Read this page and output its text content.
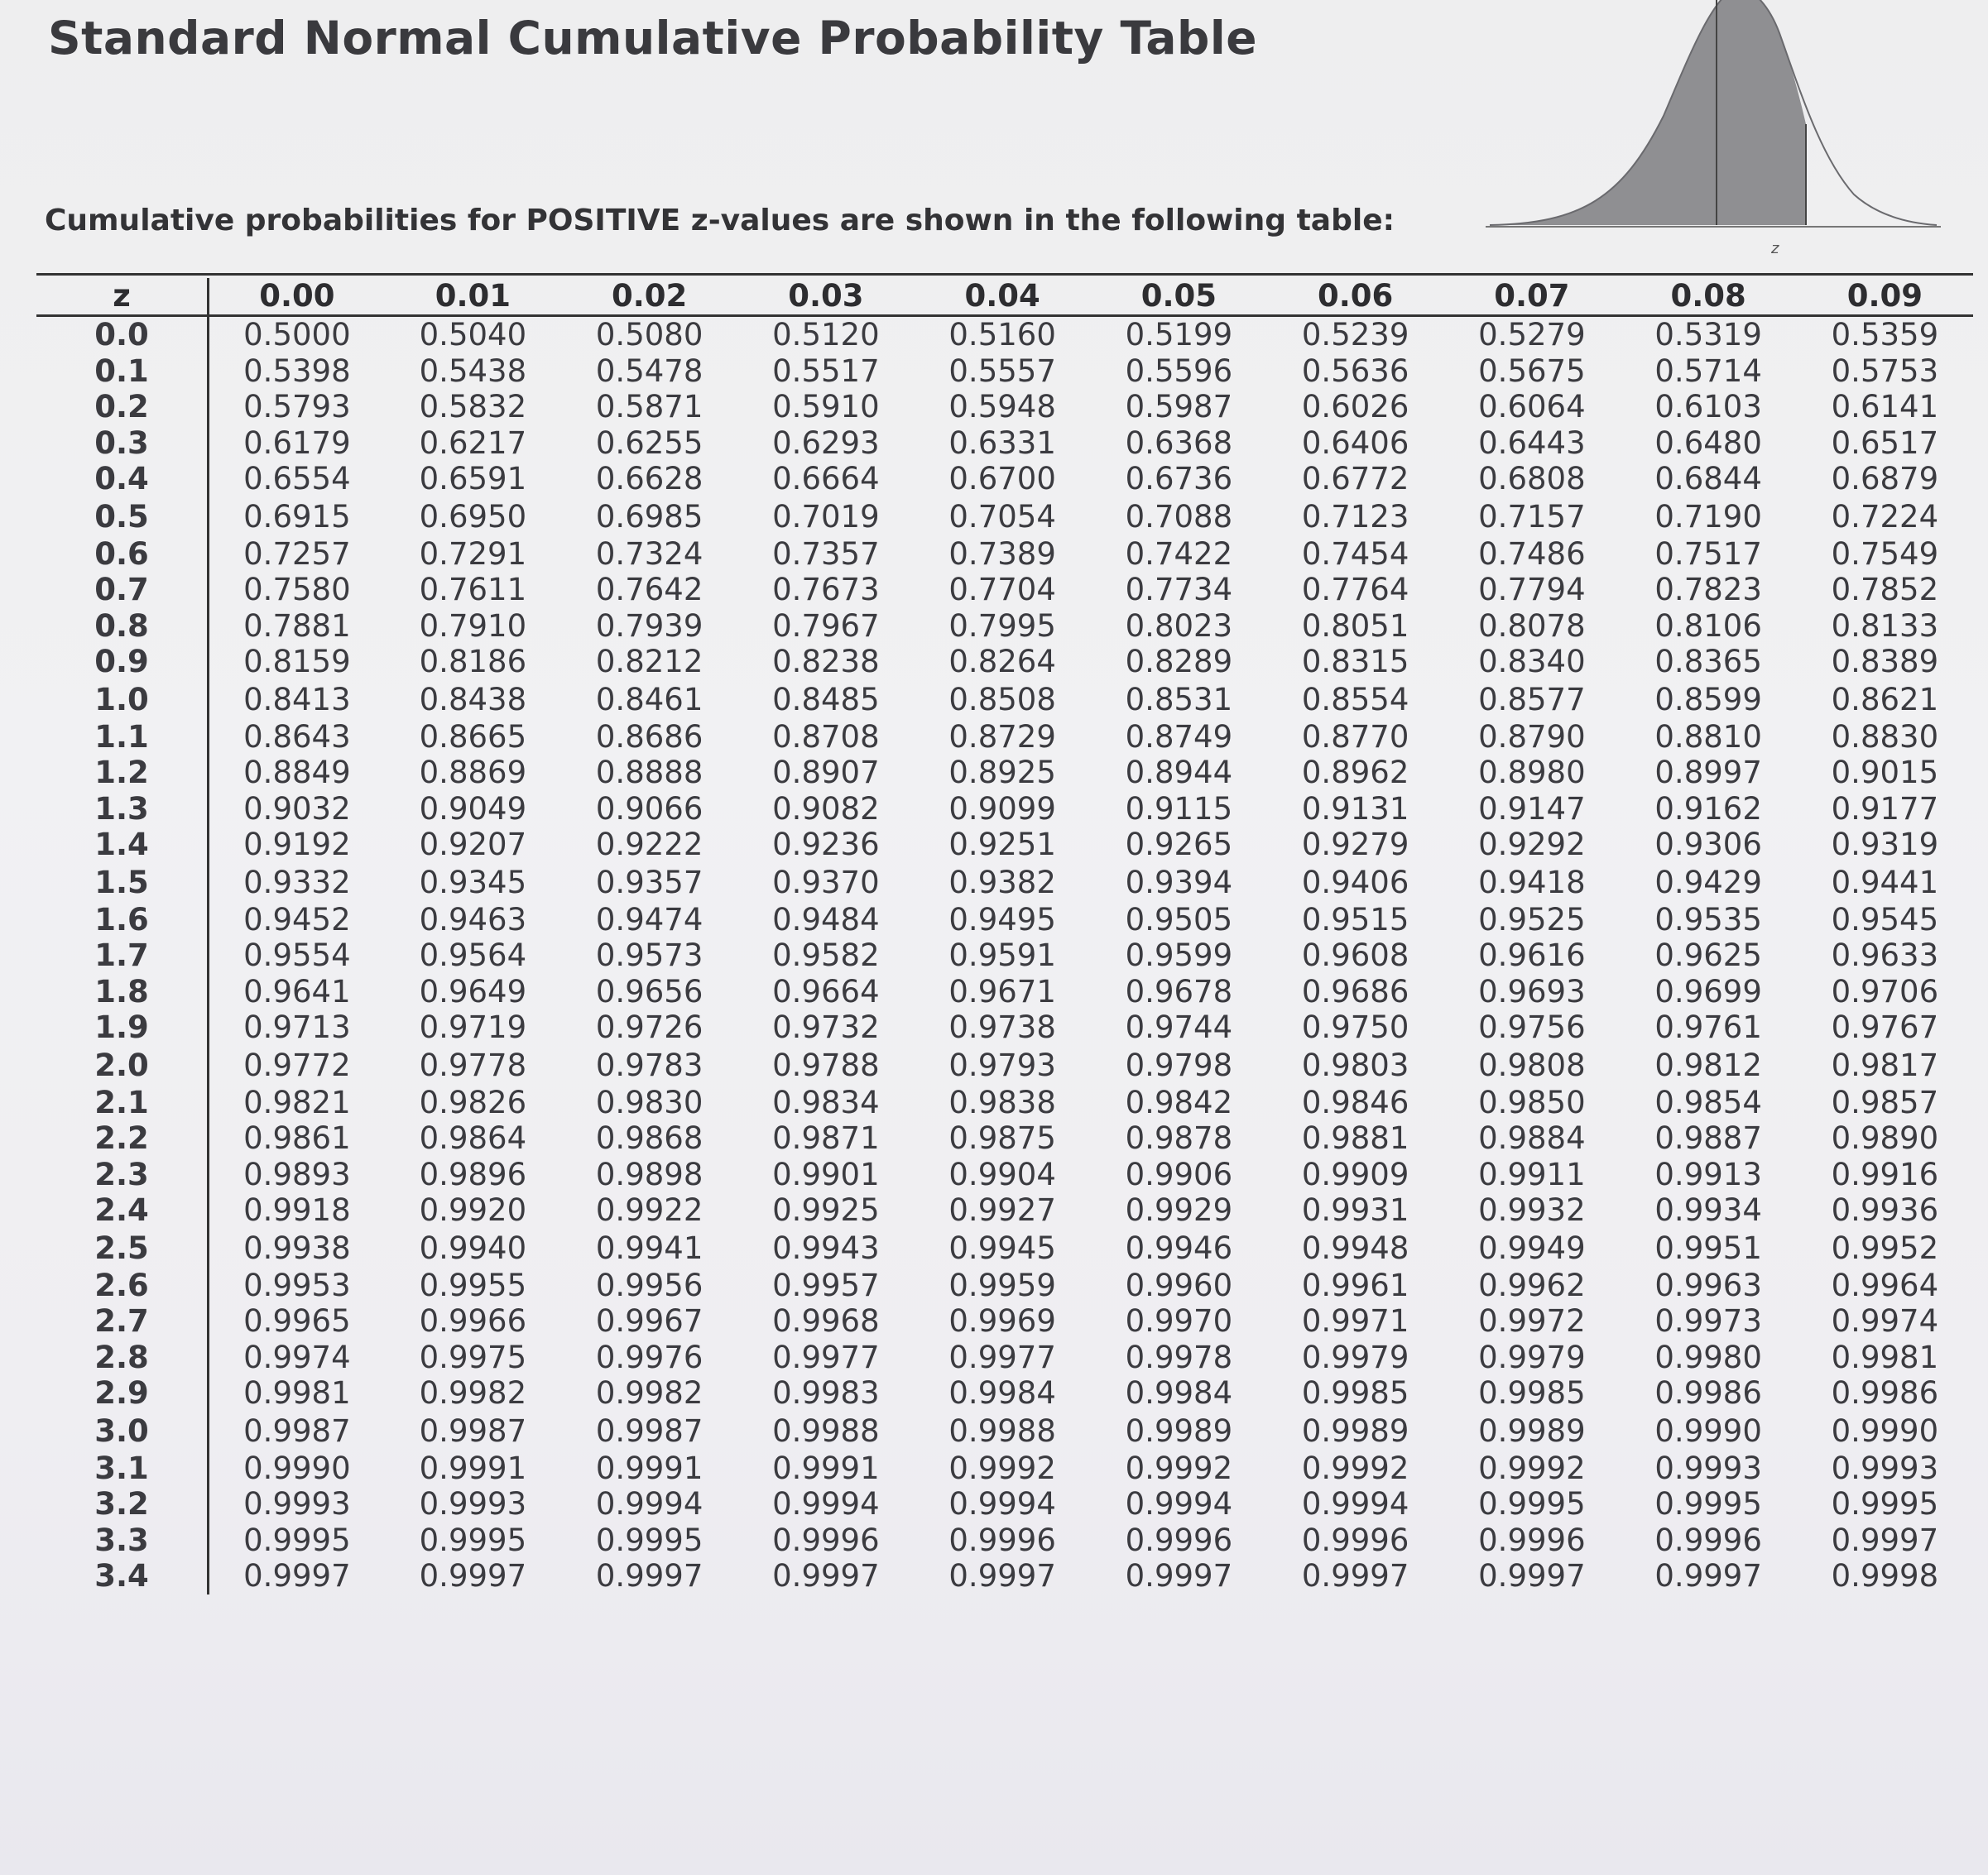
Standard Normal Cumulative Probability Table
z
Cumulative probabilities for POSITIVE z-values are shown in the following table:
z	0.00	0.01	0.02	0.03	0.04	0.05	0.06	0.07	0.08	0.09
0.0	0.5000	0.5040	0.5080	0.5120	0.5160	0.5199	0.5239	0.5279	0.5319	0.5359
0.1	0.5398	0.5438	0.5478	0.5517	0.5557	0.5596	0.5636	0.5675	0.5714	0.5753
0.2	0.5793	0.5832	0.5871	0.5910	0.5948	0.5987	0.6026	0.6064	0.6103	0.6141
0.3	0.6179	0.6217	0.6255	0.6293	0.6331	0.6368	0.6406	0.6443	0.6480	0.6517
0.4	0.6554	0.6591	0.6628	0.6664	0.6700	0.6736	0.6772	0.6808	0.6844	0.6879
0.5	0.6915	0.6950	0.6985	0.7019	0.7054	0.7088	0.7123	0.7157	0.7190	0.7224
0.6	0.7257	0.7291	0.7324	0.7357	0.7389	0.7422	0.7454	0.7486	0.7517	0.7549
0.7	0.7580	0.7611	0.7642	0.7673	0.7704	0.7734	0.7764	0.7794	0.7823	0.7852
0.8	0.7881	0.7910	0.7939	0.7967	0.7995	0.8023	0.8051	0.8078	0.8106	0.8133
0.9	0.8159	0.8186	0.8212	0.8238	0.8264	0.8289	0.8315	0.8340	0.8365	0.8389
1.0	0.8413	0.8438	0.8461	0.8485	0.8508	0.8531	0.8554	0.8577	0.8599	0.8621
1.1	0.8643	0.8665	0.8686	0.8708	0.8729	0.8749	0.8770	0.8790	0.8810	0.8830
1.2	0.8849	0.8869	0.8888	0.8907	0.8925	0.8944	0.8962	0.8980	0.8997	0.9015
1.3	0.9032	0.9049	0.9066	0.9082	0.9099	0.9115	0.9131	0.9147	0.9162	0.9177
1.4	0.9192	0.9207	0.9222	0.9236	0.9251	0.9265	0.9279	0.9292	0.9306	0.9319
1.5	0.9332	0.9345	0.9357	0.9370	0.9382	0.9394	0.9406	0.9418	0.9429	0.9441
1.6	0.9452	0.9463	0.9474	0.9484	0.9495	0.9505	0.9515	0.9525	0.9535	0.9545
1.7	0.9554	0.9564	0.9573	0.9582	0.9591	0.9599	0.9608	0.9616	0.9625	0.9633
1.8	0.9641	0.9649	0.9656	0.9664	0.9671	0.9678	0.9686	0.9693	0.9699	0.9706
1.9	0.9713	0.9719	0.9726	0.9732	0.9738	0.9744	0.9750	0.9756	0.9761	0.9767
2.0	0.9772	0.9778	0.9783	0.9788	0.9793	0.9798	0.9803	0.9808	0.9812	0.9817
2.1	0.9821	0.9826	0.9830	0.9834	0.9838	0.9842	0.9846	0.9850	0.9854	0.9857
2.2	0.9861	0.9864	0.9868	0.9871	0.9875	0.9878	0.9881	0.9884	0.9887	0.9890
2.3	0.9893	0.9896	0.9898	0.9901	0.9904	0.9906	0.9909	0.9911	0.9913	0.9916
2.4	0.9918	0.9920	0.9922	0.9925	0.9927	0.9929	0.9931	0.9932	0.9934	0.9936
2.5	0.9938	0.9940	0.9941	0.9943	0.9945	0.9946	0.9948	0.9949	0.9951	0.9952
2.6	0.9953	0.9955	0.9956	0.9957	0.9959	0.9960	0.9961	0.9962	0.9963	0.9964
2.7	0.9965	0.9966	0.9967	0.9968	0.9969	0.9970	0.9971	0.9972	0.9973	0.9974
2.8	0.9974	0.9975	0.9976	0.9977	0.9977	0.9978	0.9979	0.9979	0.9980	0.9981
2.9	0.9981	0.9982	0.9982	0.9983	0.9984	0.9984	0.9985	0.9985	0.9986	0.9986
3.0	0.9987	0.9987	0.9987	0.9988	0.9988	0.9989	0.9989	0.9989	0.9990	0.9990
3.1	0.9990	0.9991	0.9991	0.9991	0.9992	0.9992	0.9992	0.9992	0.9993	0.9993
3.2	0.9993	0.9993	0.9994	0.9994	0.9994	0.9994	0.9994	0.9995	0.9995	0.9995
3.3	0.9995	0.9995	0.9995	0.9996	0.9996	0.9996	0.9996	0.9996	0.9996	0.9997
3.4	0.9997	0.9997	0.9997	0.9997	0.9997	0.9997	0.9997	0.9997	0.9997	0.9998
